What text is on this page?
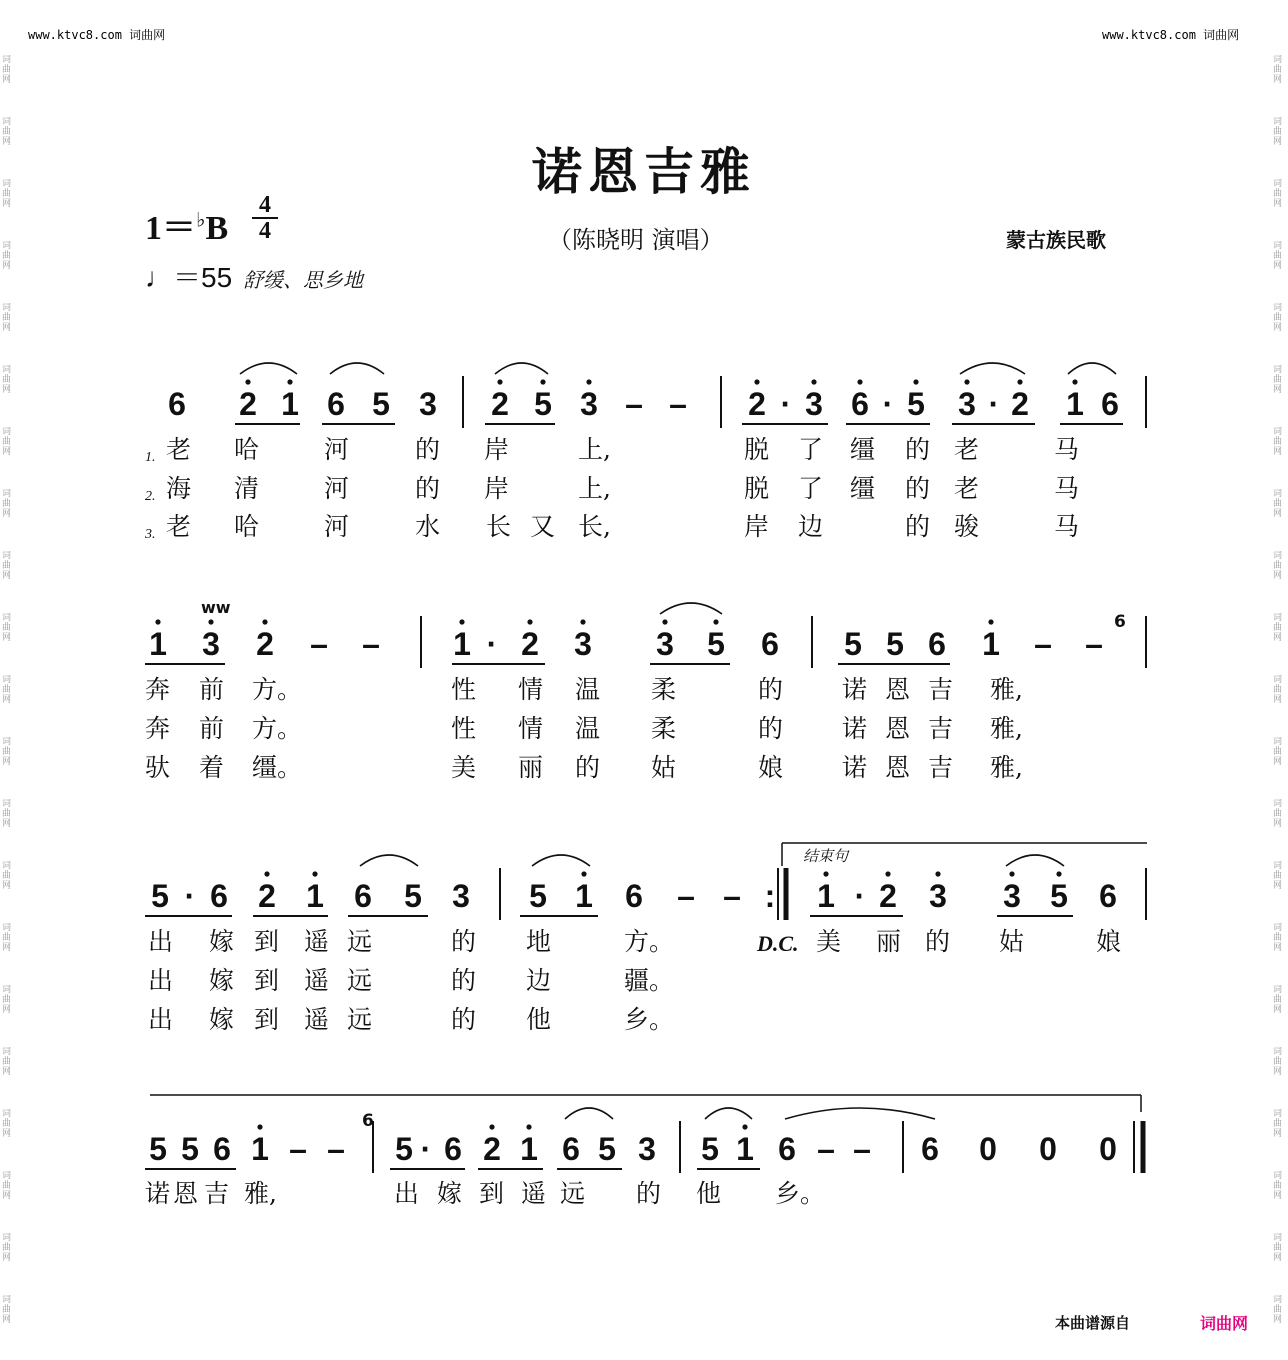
www.ktvc8.com 词曲网	www.ktvc8.com 词曲网
词
曲
网
词
曲
网
词
曲
网
词
曲
网
词
曲
网
词
曲
网
词
曲
网
词
曲
网
词
曲
网
词
曲
网
词
曲
网
词
曲
网
词
曲
网
词
曲
网
词
曲
网
词
曲
网
词
曲
网
词
曲
网
词
曲
网
词
曲
网
词
曲
网
词
曲
网
词
曲
网
词
曲
网
词
曲
网
词
曲
网
词
曲
网
词
曲
网
词
曲
网
词
曲
网
词
曲
网
词
曲
网
词
曲
网
词
曲
网
词
曲
网
词
曲
网
词
曲
网
词
曲
网
词
曲
网
词
曲
网
词
曲
网
词
曲
网
诺恩吉雅
（陈晓明 演唱）	蒙古族民歌
1＝♭B
4
4
♩＝55 舒缓、思乡地
6 2 1 6 5 3 2 5 3 – – 2 · 3 6 · 5 3 · 2 1 6
1 3 2 – – 1 · 2 3 3 5 6 5 5 6 1 – –
5 · 6 2 1 6 5 3 5 1 6 – – :	1 · 2 3 3 5 6
5 5 6 1 – – 5 · 6 2 1 6 5 3 5 1 6 – – 6 0 0 0
1. 老 哈	河	的 岸	上,	脱 了 缰 的 老	马
2. 海 清	河	的 岸	上,	脱 了 缰 的 老	马
3. 老 哈	河	水 长 又 长,	岸 边	的 骏	马
奔 前 方。	性 情 温 柔	的 诺 恩 吉 雅,
奔 前 方。	性 情 温 柔	的 诺 恩 吉 雅,
驮 着 缰。	美 丽 的 姑	娘 诺 恩 吉 雅,
出 嫁 到 遥 远	的 地	方。	美 丽 的 姑	娘
出 嫁 到 遥 远	的 边	疆。
出 嫁 到 遥 远	的 他	乡。
诺 恩 吉 雅,	出 嫁 到 遥 远 的 他 乡。
结束句
本曲谱源自	词曲网
6
6
ww
D.C.
